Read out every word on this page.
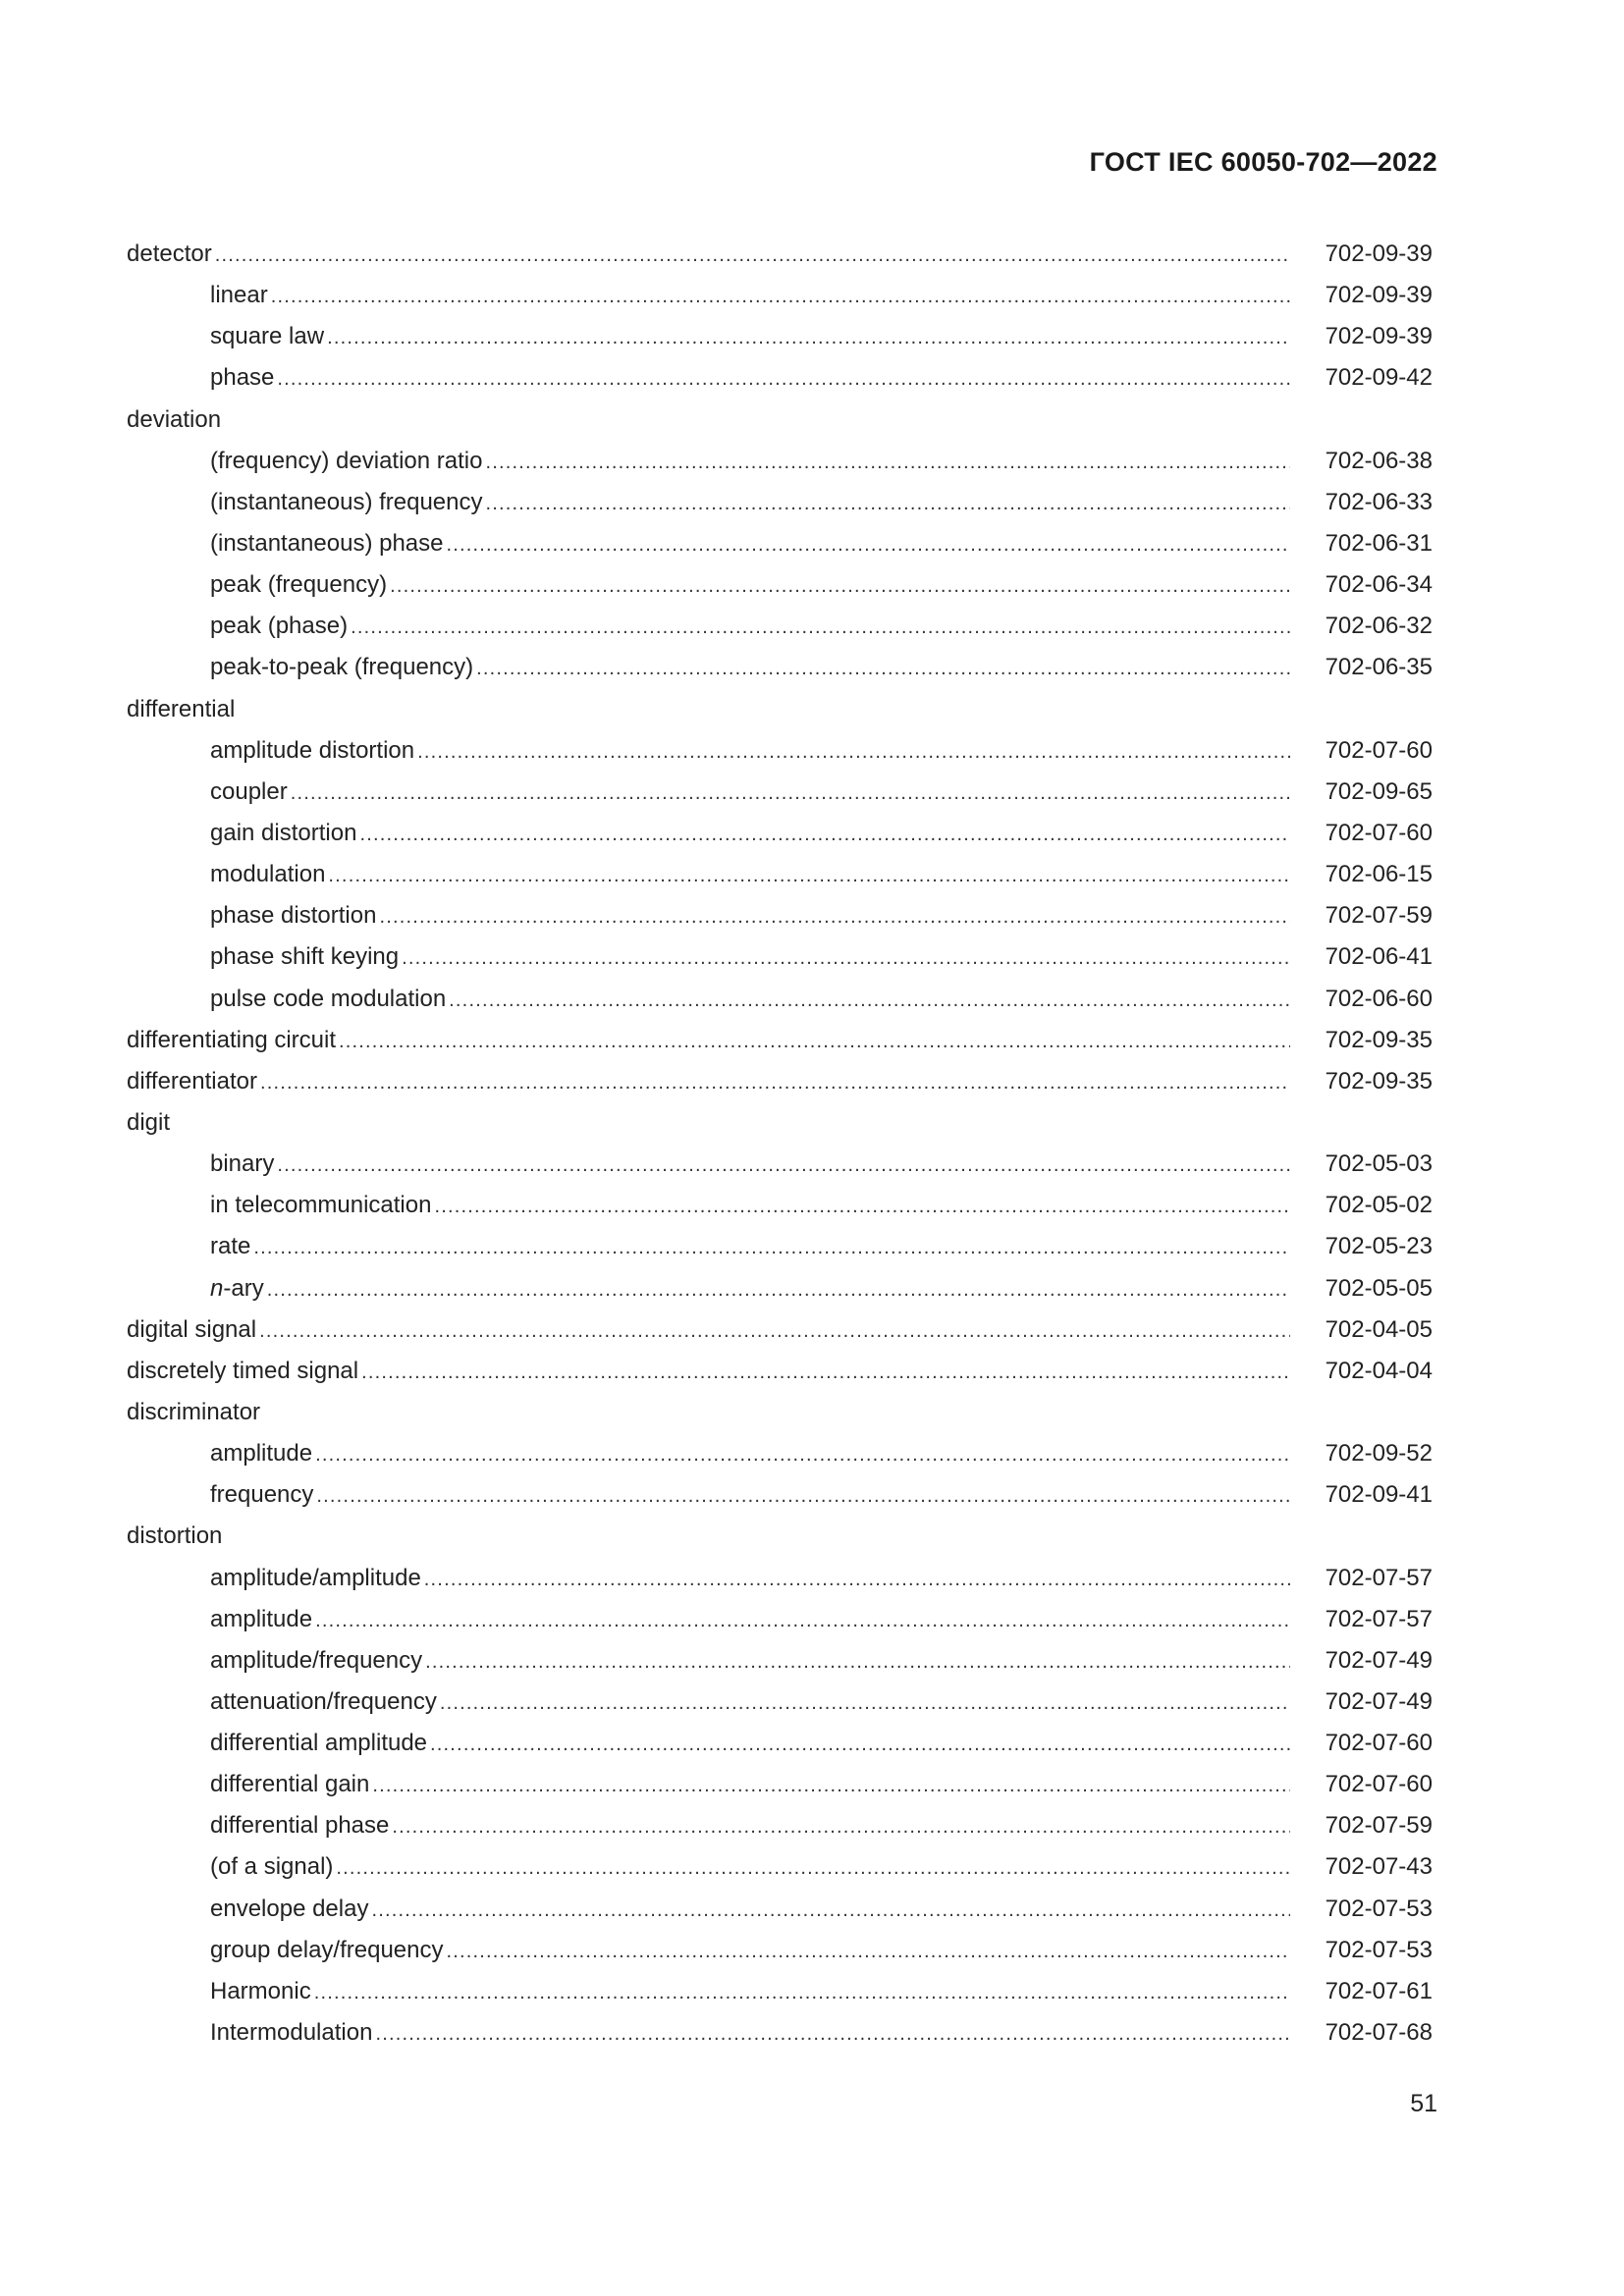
ГОСТ IEC 60050-702—2022
detector .....	702-09-39
linear .....	702-09-39
square law .....	702-09-39
phase .....	702-09-42
deviation
(frequency) deviation ratio .....	702-06-38
(instantaneous) frequency .....	702-06-33
(instantaneous) phase .....	702-06-31
peak (frequency) .....	702-06-34
peak (phase) .....	702-06-32
peak-to-peak (frequency) .....	702-06-35
differential
amplitude distortion .....	702-07-60
coupler .....	702-09-65
gain distortion .....	702-07-60
modulation .....	702-06-15
phase distortion .....	702-07-59
phase shift keying .....	702-06-41
pulse code modulation .....	702-06-60
differentiating circuit .....	702-09-35
differentiator .....	702-09-35
digit
binary .....	702-05-03
in telecommunication .....	702-05-02
rate .....	702-05-23
n-ary .....	702-05-05
digital signal .....	702-04-05
discretely timed signal .....	702-04-04
discriminator
amplitude .....	702-09-52
frequency .....	702-09-41
distortion
amplitude/amplitude .....	702-07-57
amplitude .....	702-07-57
amplitude/frequency .....	702-07-49
attenuation/frequency .....	702-07-49
differential amplitude .....	702-07-60
differential gain .....	702-07-60
differential phase .....	702-07-59
(of a signal) .....	702-07-43
envelope delay .....	702-07-53
group delay/frequency .....	702-07-53
Harmonic .....	702-07-61
Intermodulation .....	702-07-68
51
